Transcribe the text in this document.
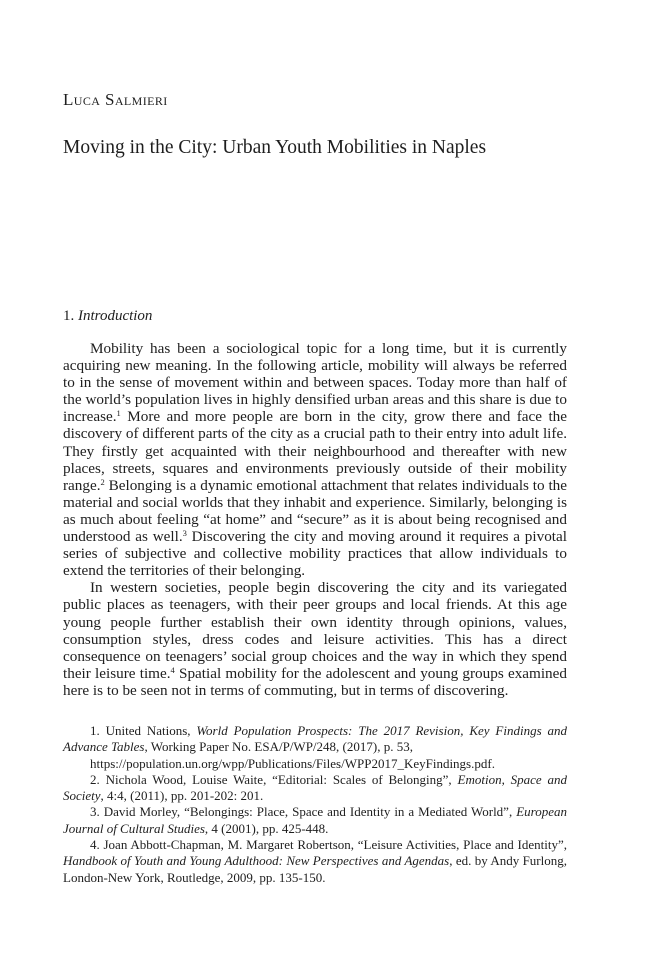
Luca Salmieri
Moving in the City: Urban Youth Mobilities in Naples
1. Introduction

Mobility has been a sociological topic for a long time, but it is currently acquiring new meaning. In the following article, mobility will always be referred to in the sense of movement within and between spaces. Today more than half of the world’s population lives in highly densified urban areas and this share is due to increase.$^1$ More and more people are born in the city, grow there and face the discovery of different parts of the city as a crucial path to their entry into adult life. They firstly get acquainted with their neighbourhood and thereafter with new places, streets, squares and environments previously outside of their mobility range.$^2$ Belonging is a dynamic emotional attachment that relates individuals to the material and social worlds that they inhabit and experience. Similarly, belonging is as much about feeling “at home” and “secure” as it is about being recognised and understood as well.$^3$ Discovering the city and moving around it requires a pivotal series of subjective and collective mobility practices that allow individuals to extend the territories of their belonging.

In western societies, people begin discovering the city and its variegated public places as teenagers, with their peer groups and local friends. At this age young people further establish their own identity through opinions, values, consumption styles, dress codes and leisure activities. This has a direct consequence on teenagers’ social group choices and the way in which they spend their leisure time.$^4$ Spatial mobility for the adolescent and young groups examined here is to be seen not in terms of commuting, but in terms of discovering.

1. United Nations, World Population Prospects: The 2017 Revision, Key Findings and Advance Tables, Working Paper No. ESA/P/WP/248, (2017), p. 53,
https://population.un.org/wpp/Publications/Files/WPP2017_KeyFindings.pdf.

2. Nichola Wood, Louise Waite, “Editorial: Scales of Belonging”, Emotion, Space and Society, 4:4, (2011), pp. 201-202: 201.

3. David Morley, “Belongings: Place, Space and Identity in a Mediated World”, European Journal of Cultural Studies, 4 (2001), pp. 425-448.

4. Joan Abbott-Chapman, M. Margaret Robertson, “Leisure Activities, Place and Identity”, Handbook of Youth and Young Adulthood: New Perspectives and Agendas, ed. by Andy Furlong, London-New York, Routledge, 2009, pp. 135-150.
